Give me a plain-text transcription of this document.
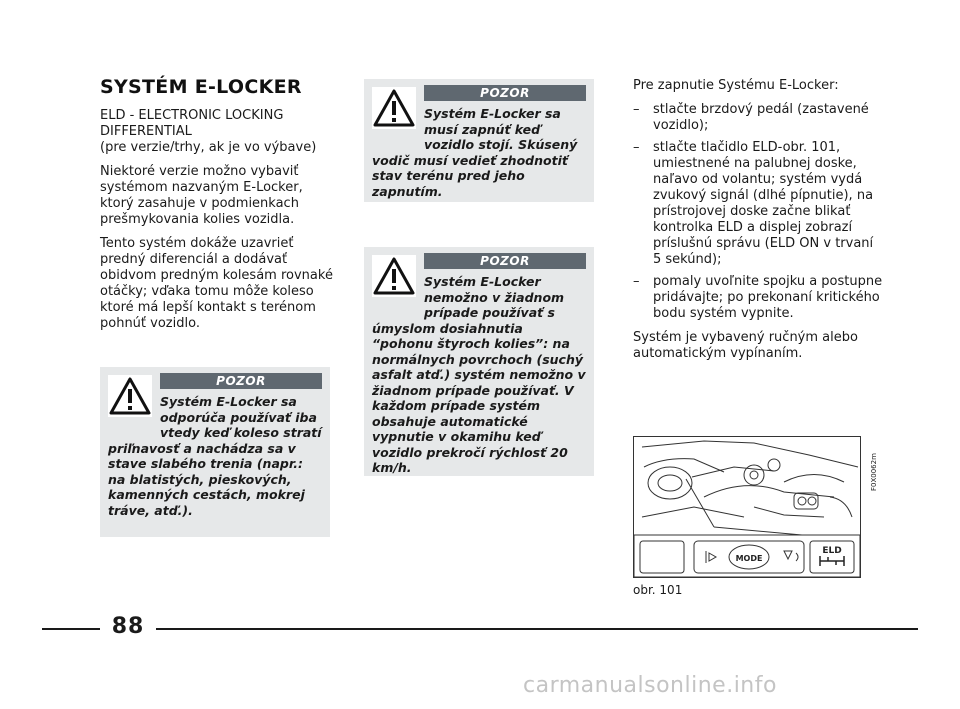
SYSTÉM E-LOCKER
ELD - ELECTRONIC LOCKING
DIFFERENTIAL
(pre verzie/trhy, ak je vo výbave)

Niektoré verzie možno vybaviť systémom nazvaným E-Locker, ktorý zasahuje v podmienkach prešmykovania kolies vozidla.

Tento systém dokáže uzavrieť predný diferenciál a dodávať obidvom predným kolesám rovnaké otáčky; vďaka tomu môže koleso ktoré má lepší kontakt s terénom pohnúť vozidlo.

POZOR
Systém E-Locker sa odporúča používať iba vtedy keď koleso stratí priľnavosť a nachádza sa v stave slabého trenia (napr.: na blatistých, pieskových, kamenných cestách, mokrej tráve, atď.).
POZOR
Systém E-Locker sa musí zapnúť keď vozidlo stojí. Skúsený vodič musí vedieť zhodnotiť stav terénu pred jeho zapnutím.
POZOR
Systém E-Locker nemožno v žiadnom prípade používať s úmyslom dosiahnutia “pohonu štyroch kolies”: na normálnych povrchoch (suchý asfalt atď.) systém nemožno v žiadnom prípade používať. V každom prípade systém obsahuje automatické vypnutie v okamihu keď vozidlo prekročí rýchlosť 20 km/h.

Pre zapnutie Systému E-Locker:

– stlačte brzdový pedál (zastavené vozidlo);
– stlačte tlačidlo ELD-obr. 101, umiestnené na palubnej doske, naľavo od volantu; systém vydá zvukový signál (dlhé pípnutie), na prístrojovej doske začne blikať kontrolka ELD a displej zobrazí príslušnú správu (ELD ON v trvaní 5 sekúnd);
– pomaly uvoľnite spojku a postupne pridávajte; po prekonaní kritického bodu systém vypnite.

Systém je vybavený ručným alebo automatickým vypínaním.

MODE
ELD
F0X0062m
obr. 101
88
carmanualsonline.info
